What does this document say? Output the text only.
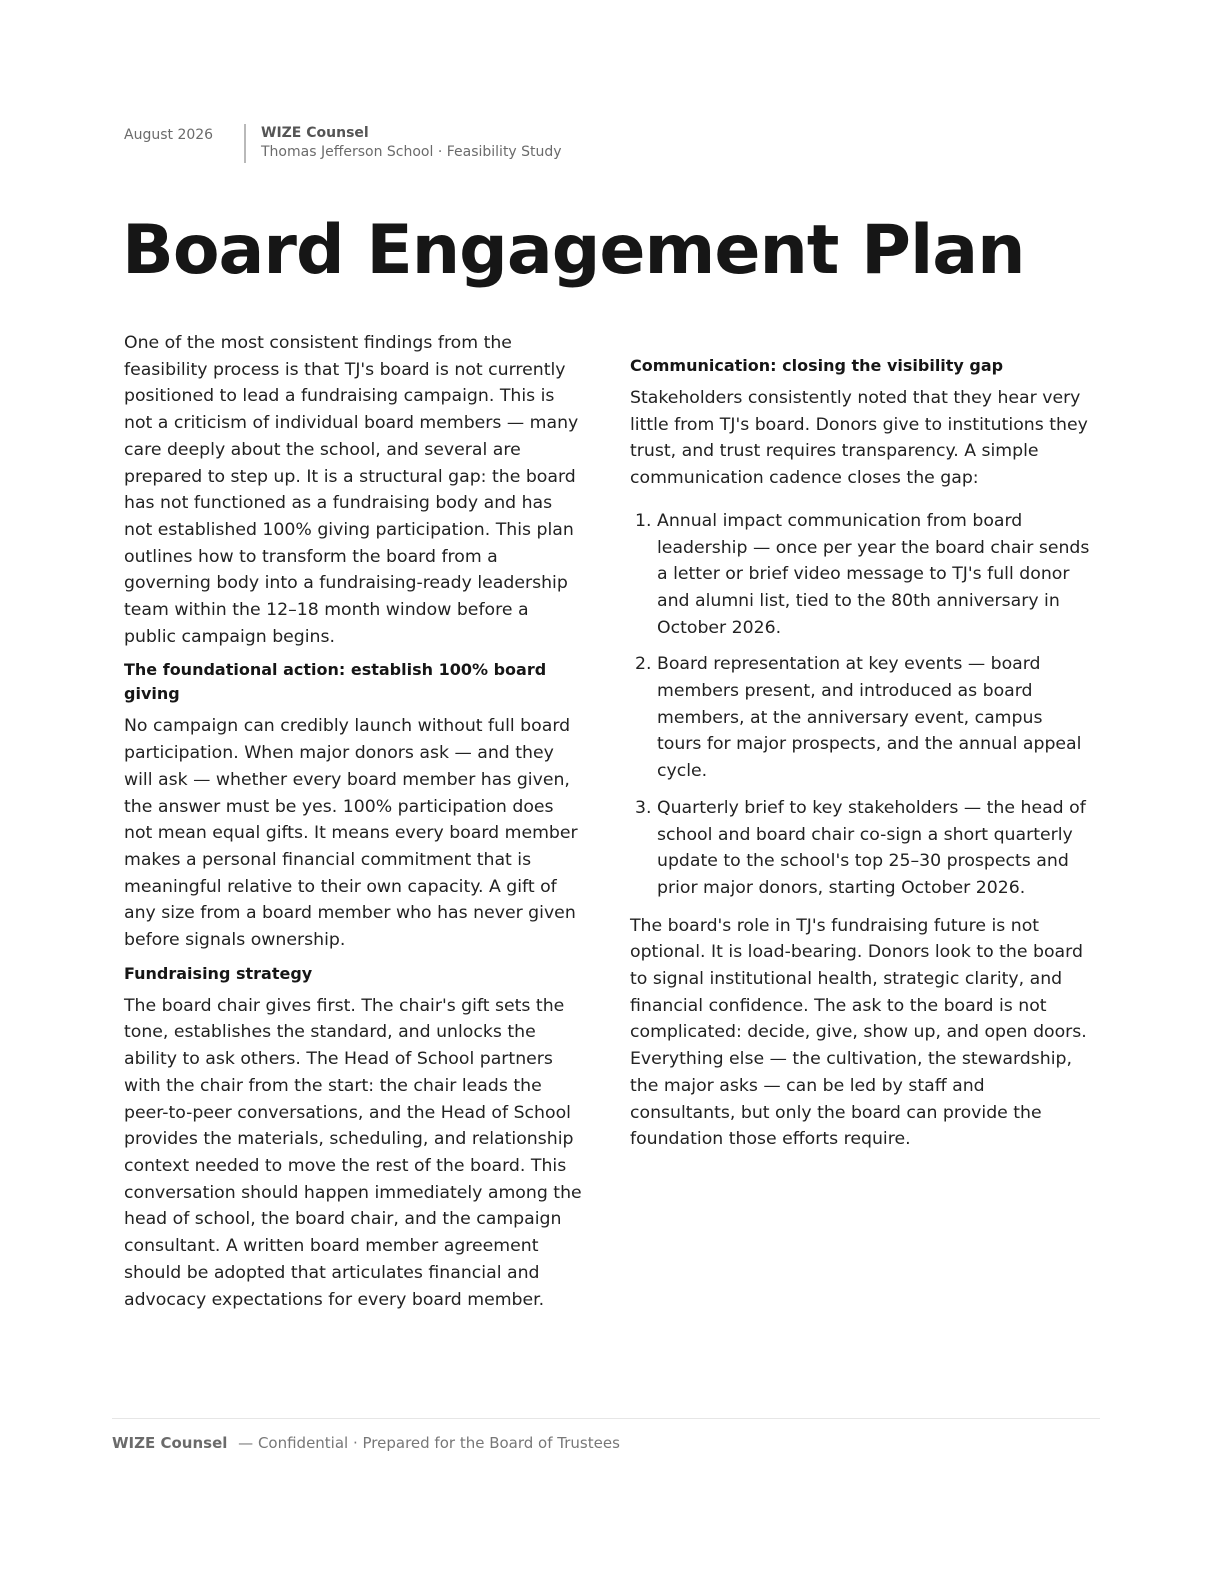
August 2026	WIZE Counsel
Thomas Jefferson School · Feasibility Study
Board Engagement Plan

One of the most consistent findings from the feasibility process is that TJ's board is not currently positioned to lead a fundraising campaign. This is not a criticism of individual board members — many care deeply about the school, and several are prepared to step up. It is a structural gap: the board has not functioned as a fundraising body and has not established 100% giving participation. This plan outlines how to transform the board from a governing body into a fundraising-ready leadership team within the 12–18 month window before a public campaign begins.

The foundational action: establish 100% board giving

No campaign can credibly launch without full board participation. When major donors ask — and they will ask — whether every board member has given, the answer must be yes. 100% participation does not mean equal gifts. It means every board member makes a personal financial commitment that is meaningful relative to their own capacity. A gift of any size from a board member who has never given before signals ownership.

Fundraising strategy

The board chair gives first. The chair's gift sets the tone, establishes the standard, and unlocks the ability to ask others. The Head of School partners with the chair from the start: the chair leads the peer-to-peer conversations, and the Head of School provides the materials, scheduling, and relationship context needed to move the rest of the board. This conversation should happen immediately among the head of school, the board chair, and the campaign consultant. A written board member agreement should be adopted that articulates financial and advocacy expectations for every board member.

Communication: closing the visibility gap

Stakeholders consistently noted that they hear very little from TJ's board. Donors give to institutions they trust, and trust requires transparency. A simple communication cadence closes the gap:

1. Annual impact communication from board leadership — once per year the board chair sends a letter or brief video message to TJ's full donor and alumni list, tied to the 80th anniversary in October 2026.
2. Board representation at key events — board members present, and introduced as board members, at the anniversary event, campus tours for major prospects, and the annual appeal cycle.
3. Quarterly brief to key stakeholders — the head of school and board chair co-sign a short quarterly update to the school's top 25–30 prospects and prior major donors, starting October 2026.

The board's role in TJ's fundraising future is not optional. It is load-bearing. Donors look to the board to signal institutional health, strategic clarity, and financial confidence. The ask to the board is not complicated: decide, give, show up, and open doors. Everything else — the cultivation, the stewardship, the major asks — can be led by staff and consultants, but only the board can provide the foundation those efforts require.

WIZE Counsel — Confidential · Prepared for the Board of Trustees
